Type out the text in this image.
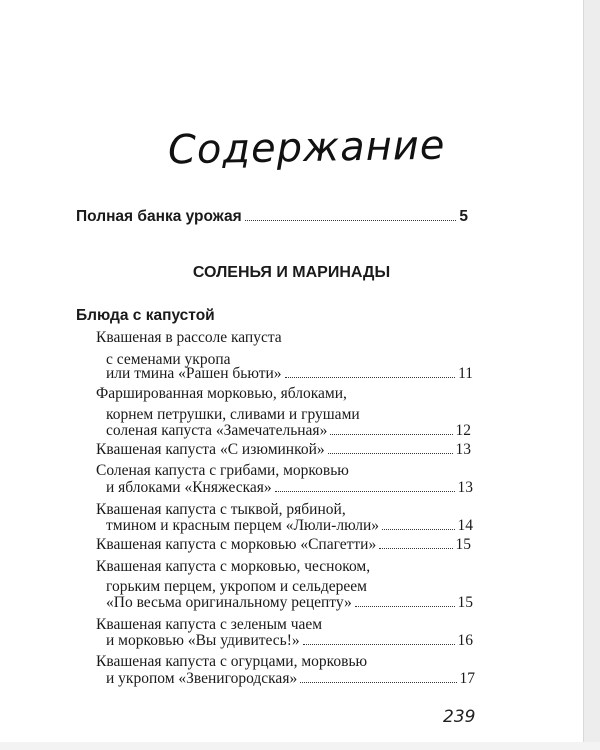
Содержание
Полная банка урожая	5
СОЛЕНЬЯ И МАРИНАДЫ
Блюда с капустой
Квашеная в рассоле капуста
с семенами укропа
или тмина «Рашен бьюти»	11
Фаршированная морковью, яблоками,
корнем петрушки, сливами и грушами
соленая капуста «Замечательная»	12
Квашеная капуста «С изюминкой»	13
Соленая капуста с грибами, морковью
и яблоками «Княжеская»	13
Квашеная капуста с тыквой, рябиной,
тмином и красным перцем «Люли-люли»	14
Квашеная капуста с морковью «Спагетти»	15
Квашеная капуста с морковью, чесноком,
горьким перцем, укропом и сельдереем
«По весьма оригинальному рецепту»	15
Квашеная капуста с зеленым чаем
и морковью «Вы удивитесь!»	16
Квашеная капуста с огурцами, морковью
и укропом «Звенигородская»	17
239
